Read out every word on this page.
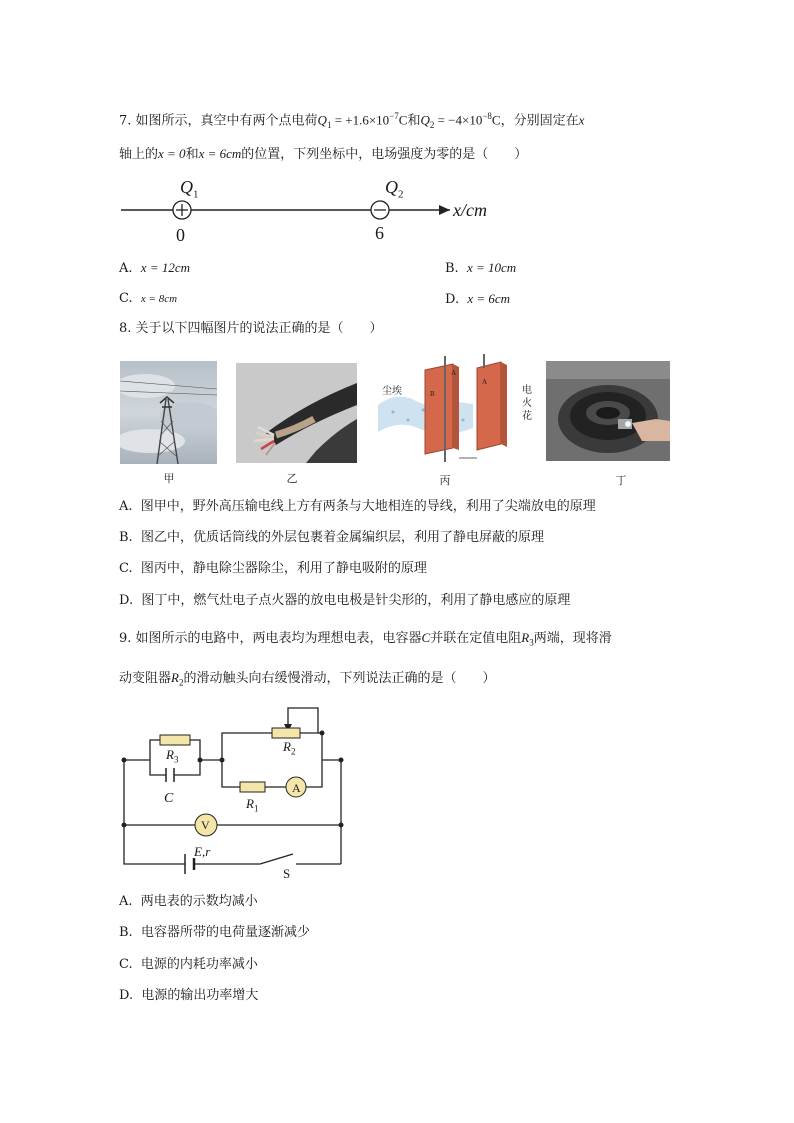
7. 如图所示，真空中有两个点电荷$Q_1 = +1.6\times 10^{-7}C$和$Q_2 = -4\times 10^{-8}C$，分别固定在x
轴上的x = 0和x = 6cm的位置，下列坐标中，电场强度为零的是（　　）
$Q_1$
0
$Q_2$
6
x/cm
A. x = 12cm	B. x = 10cm
C. x = 8cm	D. x = 6cm
8. 关于以下四幅图片的说法正确的是（　　）
甲	乙
尘埃	B
A
A
丙
电
火
花
丁
A. 图甲中，野外高压输电线上方有两条与大地相连的导线，利用了尖端放电的原理
B. 图乙中，优质话筒线的外层包裹着金属编织层，利用了静电屏蔽的原理
C. 图丙中，静电除尘器除尘，利用了静电吸附的原理
D. 图丁中，燃气灶电子点火器的放电电极是针尖形的，利用了静电感应的原理
9. 如图所示的电路中，两电表均为理想电表，电容器C并联在定值电阻$R_3$两端，现将滑
动变阻器$R_2$的滑动触头向右缓慢滑动，下列说法正确的是（　　）
$R_3$
C
$R_2$
$R_1$
A
V
E,r
S
A. 两电表的示数均减小
B. 电容器所带的电荷量逐渐减少
C. 电源的内耗功率减小
D. 电源的输出功率增大
